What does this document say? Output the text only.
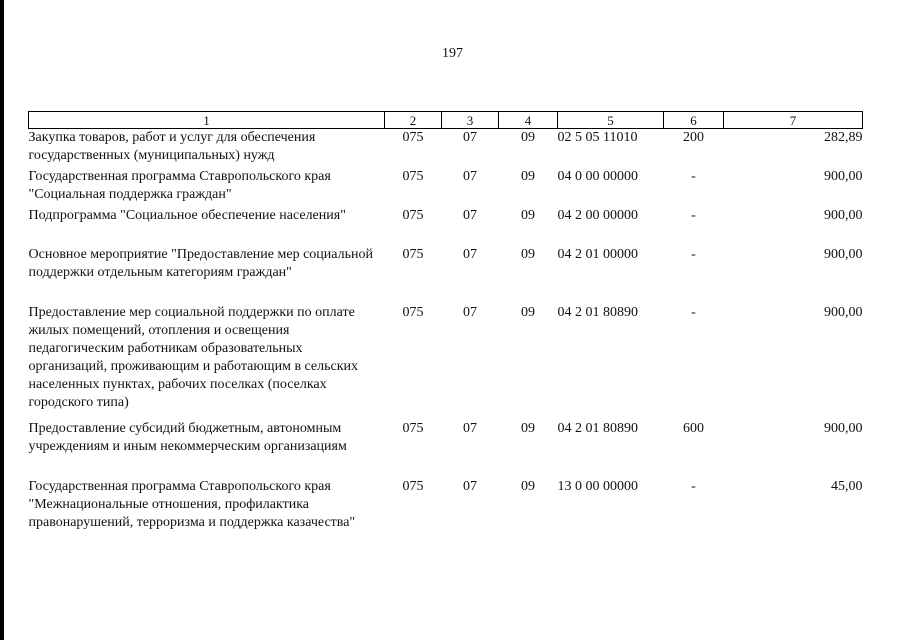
197
1	2	3	4	5	6	7
Закупка товаров, работ и услуг для обеспечения государственных (муниципальных) нужд	075	07	09	02 5 05 11010	200	282,89
Государственная программа Ставропольского края "Социальная поддержка граждан"	075	07	09	04 0 00 00000	-	900,00
Подпрограмма "Социальное обеспечение населения"	075	07	09	04 2 00 00000	-	900,00
Основное мероприятие "Предоставление мер социальной поддержки отдельным категориям граждан"	075	07	09	04 2 01 00000	-	900,00
Предоставление мер социальной поддержки по оплате жилых помещений, отопления и освещения педагогическим работникам образовательных организаций, проживающим и работающим в сельских населенных пунктах, рабочих поселках (поселках городского типа)	075	07	09	04 2 01 80890	-	900,00
Предоставление субсидий бюджетным, автономным учреждениям и иным некоммерческим организациям	075	07	09	04 2 01 80890	600	900,00
Государственная программа Ставропольского края "Межнациональные отношения, профилактика правонарушений, терроризма и поддержка казачества"	075	07	09	13 0 00 00000	-	45,00
